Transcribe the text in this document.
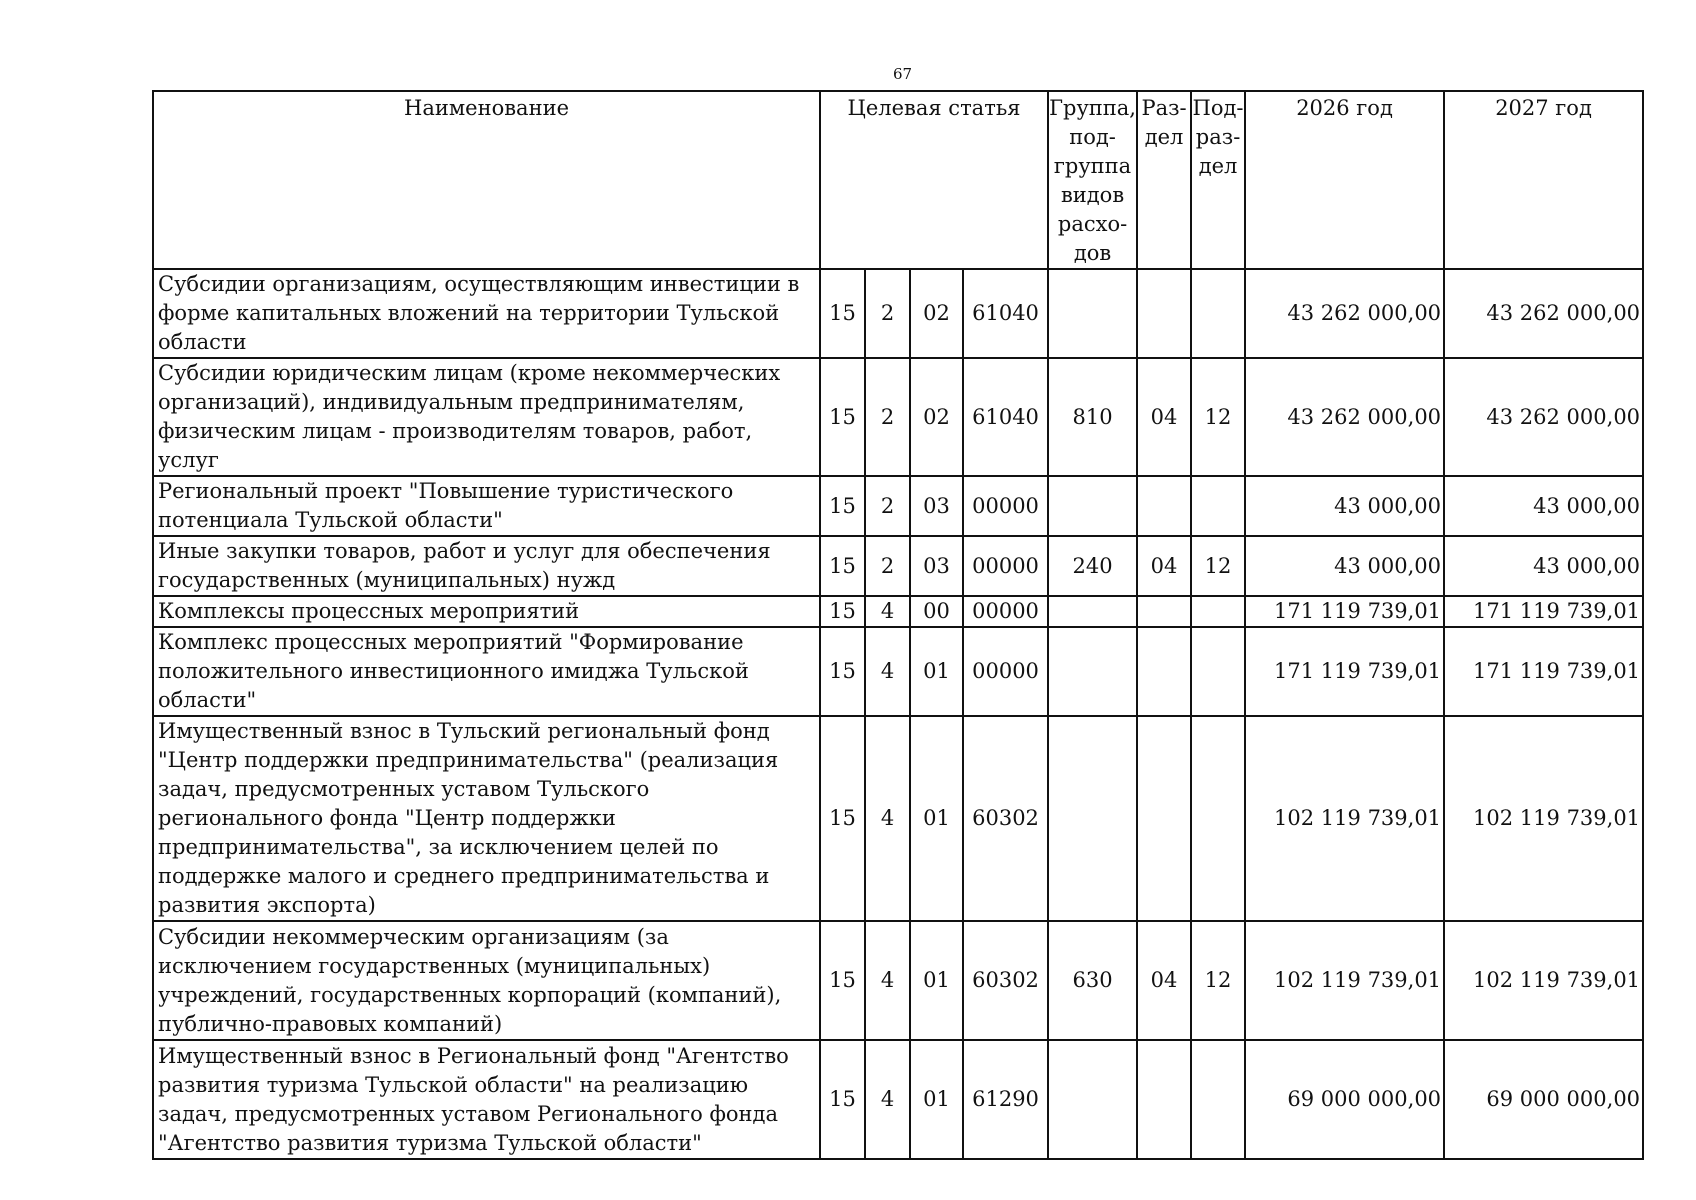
67
Наименование	Целевая статья				Группа, под-группа видов расхо-дов	Раз-дел	Под-раз-дел	2026 год	2027 год
Субсидии организациям, осуществляющим инвестиции в форме капитальных вложений на территории Тульской области	15	2	02	61040				43 262 000,00	43 262 000,00
Субсидии юридическим лицам (кроме некоммерческих организаций), индивидуальным предпринимателям, физическим лицам - производителям товаров, работ, услуг	15	2	02	61040	810	04	12	43 262 000,00	43 262 000,00
Региональный проект "Повышение туристического потенциала Тульской области"	15	2	03	00000				43 000,00	43 000,00
Иные закупки товаров, работ и услуг для обеспечения государственных (муниципальных) нужд	15	2	03	00000	240	04	12	43 000,00	43 000,00
Комплексы процессных мероприятий	15	4	00	00000				171 119 739,01	171 119 739,01
Комплекс процессных мероприятий "Формирование положительного инвестиционного имиджа Тульской области"	15	4	01	00000				171 119 739,01	171 119 739,01
Имущественный взнос в Тульский региональный фонд "Центр поддержки предпринимательства" (реализация задач, предусмотренных уставом Тульского регионального фонда "Центр поддержки предпринимательства", за исключением целей по поддержке малого и среднего предпринимательства и развития экспорта)	15	4	01	60302				102 119 739,01	102 119 739,01
Субсидии некоммерческим организациям (за исключением государственных (муниципальных) учреждений, государственных корпораций (компаний), публично-правовых компаний)	15	4	01	60302	630	04	12	102 119 739,01	102 119 739,01
Имущественный взнос в Региональный фонд "Агентство развития туризма Тульской области" на реализацию задач, предусмотренных уставом Регионального фонда "Агентство развития туризма Тульской области"	15	4	01	61290				69 000 000,00	69 000 000,00
